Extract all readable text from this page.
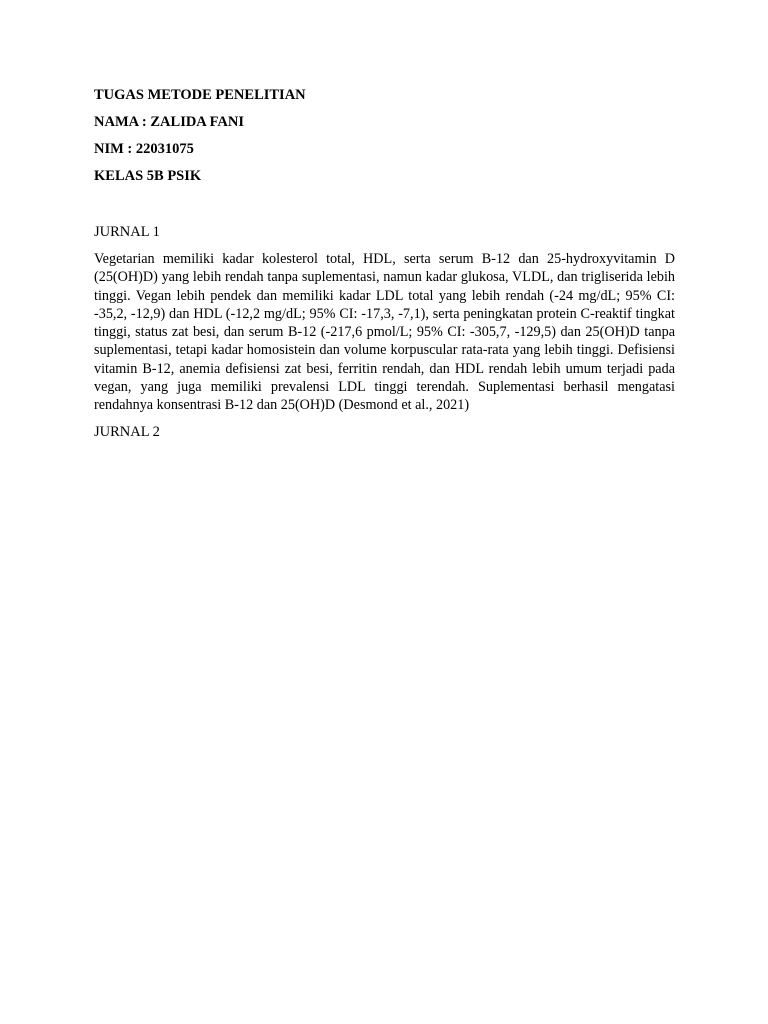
TUGAS METODE PENELITIAN
NAMA : ZALIDA FANI
NIM : 22031075
KELAS 5B PSIK
JURNAL 1

Vegetarian memiliki kadar kolesterol total, HDL, serta serum B-12 dan 25-hydroxyvitamin D (25(OH)D) yang lebih rendah tanpa suplementasi, namun kadar glukosa, VLDL, dan trigliserida lebih tinggi. Vegan lebih pendek dan memiliki kadar LDL total yang lebih rendah (-24 mg/dL; 95% CI: -35,2, -12,9) dan HDL (-12,2 mg/dL; 95% CI: -17,3, -7,1), serta peningkatan protein C-reaktif tingkat tinggi, status zat besi, dan serum B-12 (-217,6 pmol/L; 95% CI: -305,7, -129,5) dan 25(OH)D tanpa suplementasi, tetapi kadar homosistein dan volume korpuscular rata-rata yang lebih tinggi. Defisiensi vitamin B-12, anemia defisiensi zat besi, ferritin rendah, dan HDL rendah lebih umum terjadi pada vegan, yang juga memiliki prevalensi LDL tinggi terendah. Suplementasi berhasil mengatasi rendahnya konsentrasi B-12 dan 25(OH)D (Desmond et al., 2021)

JURNAL 2
